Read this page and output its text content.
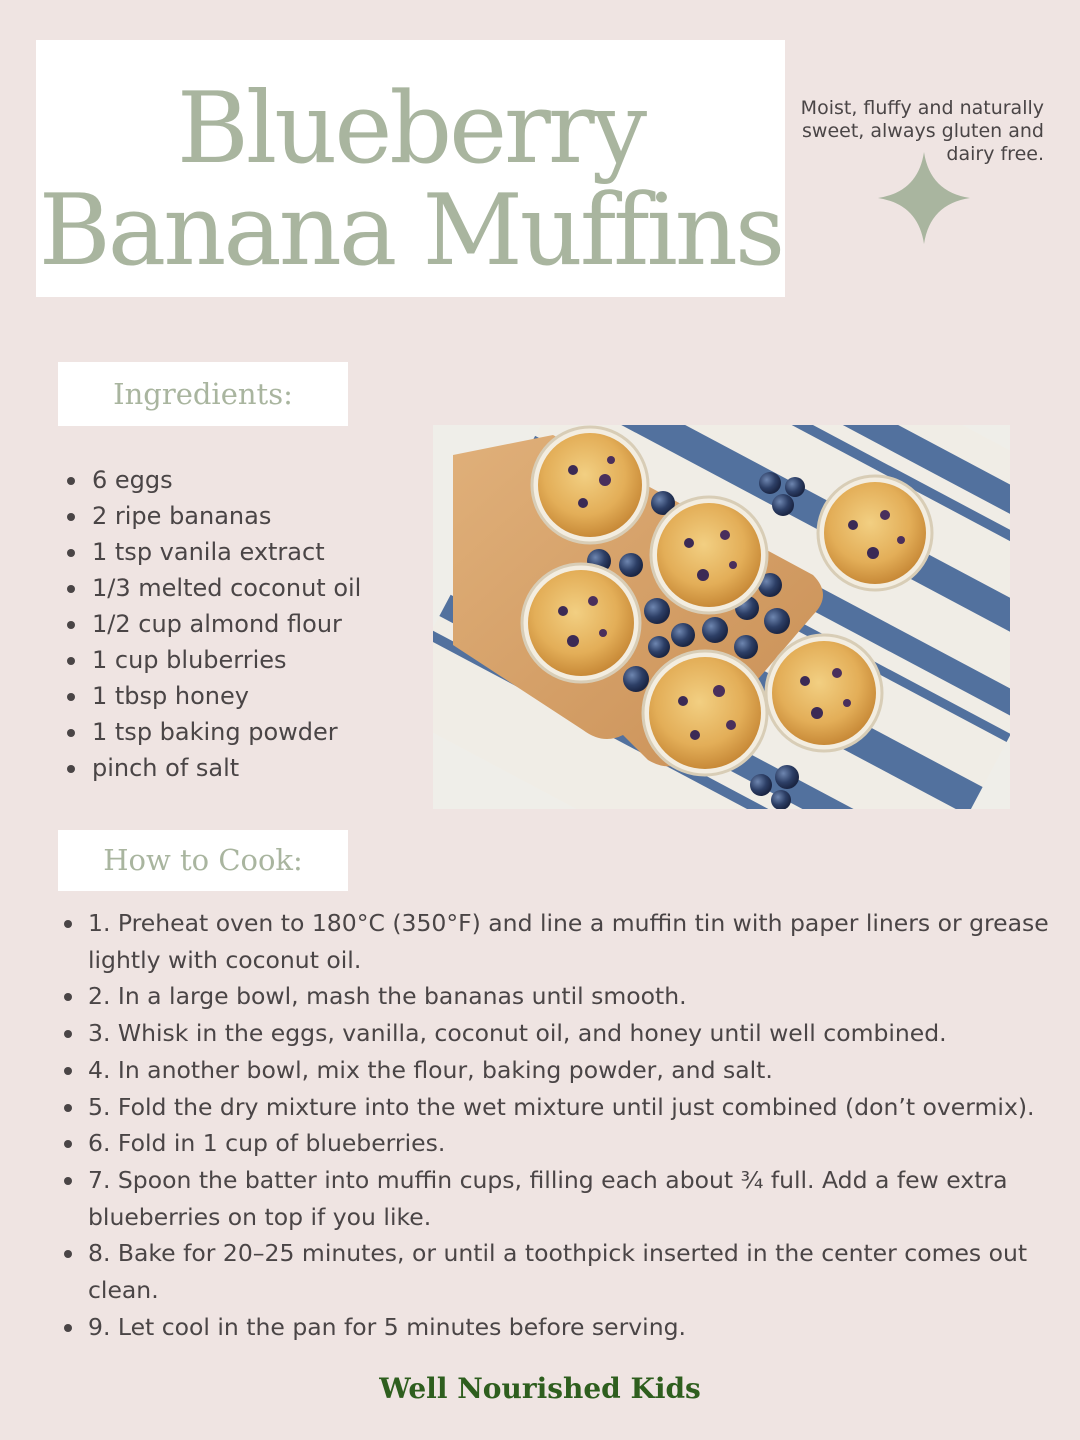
Blueberry
Banana Muffins
Moist, fluffy and naturally sweet, always gluten and dairy free.
Ingredients:
6 eggs
2 ripe bananas
1 tsp vanila extract
1/3 melted coconut oil
1/2 cup almond flour
1 cup bluberries
1 tbsp honey
1 tsp baking powder
pinch of salt
How to Cook:
1. Preheat oven to 180°C (350°F) and line a muffin tin with paper liners or grease lightly with coconut oil.
2. In a large bowl, mash the bananas until smooth.
3. Whisk in the eggs, vanilla, coconut oil, and honey until well combined.
4. In another bowl, mix the flour, baking powder, and salt.
5. Fold the dry mixture into the wet mixture until just combined (don’t overmix).
6. Fold in 1 cup of blueberries.
7. Spoon the batter into muffin cups, filling each about ¾ full. Add a few extra blueberries on top if you like.
8. Bake for 20–25 minutes, or until a toothpick inserted in the center comes out clean.
9. Let cool in the pan for 5 minutes before serving.
Well Nourished Kids
